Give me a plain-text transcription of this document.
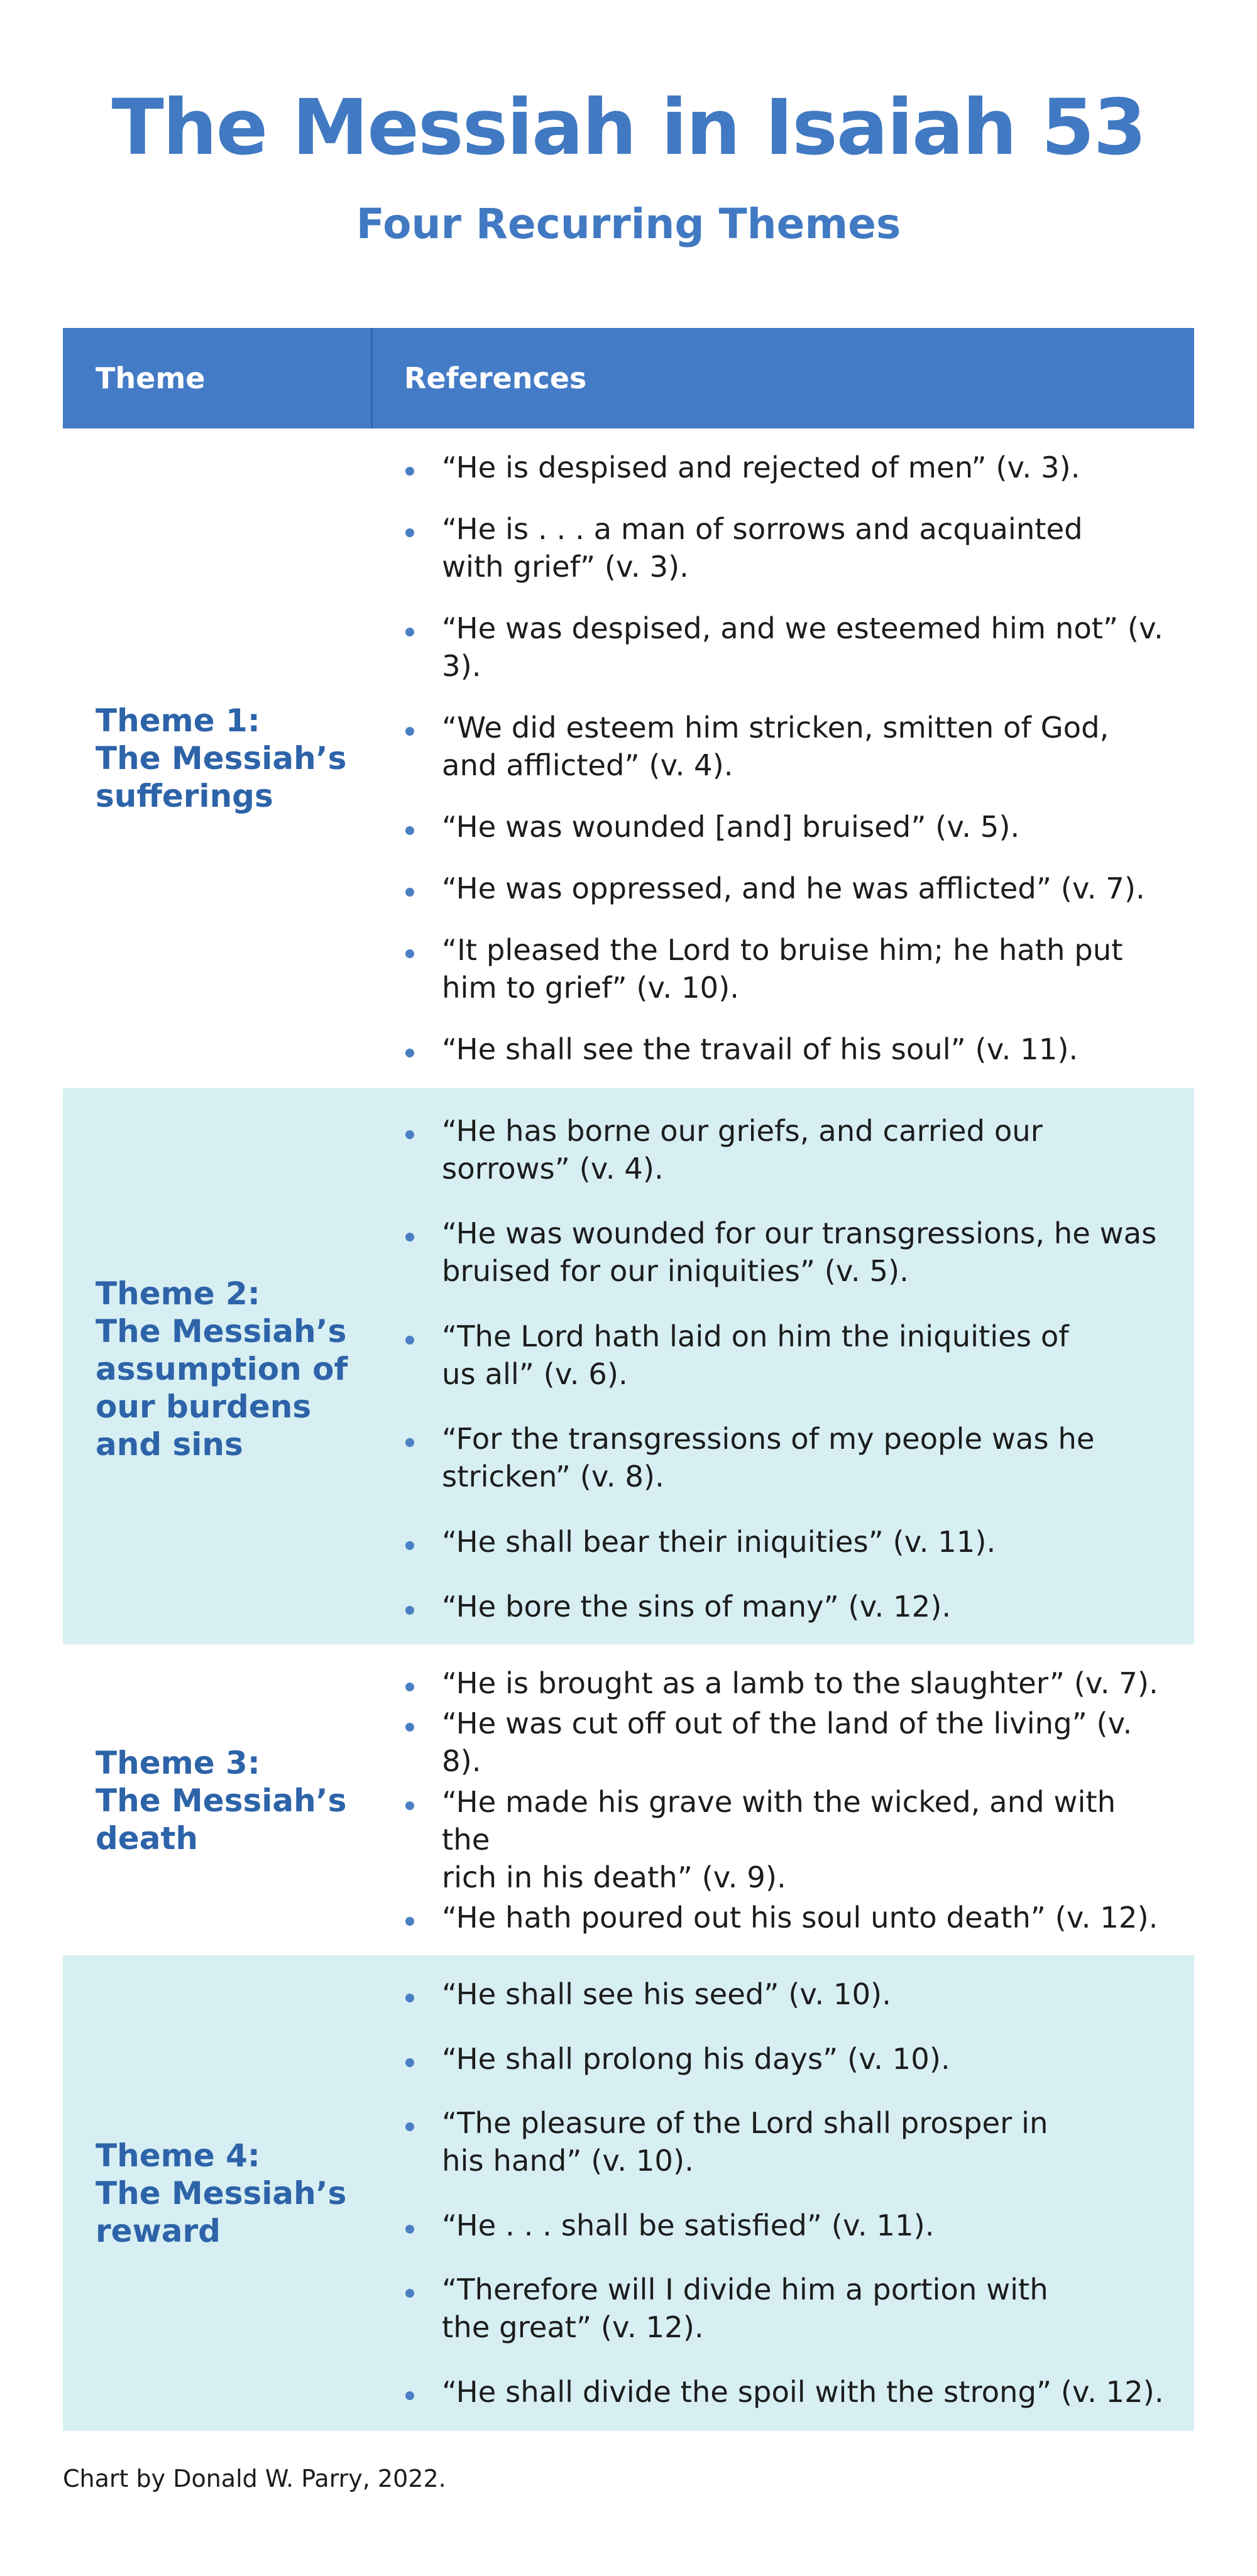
The Messiah in Isaiah 53
Four Recurring Themes
Theme	References
Theme 1:
The Messiah’s
sufferings
“He is despised and rejected of men” (v. 3).
“He is . . . a man of sorrows and acquainted
with grief” (v. 3).
“He was despised, and we esteemed him not” (v. 3).
“We did esteem him stricken, smitten of God,
and afflicted” (v. 4).
“He was wounded [and] bruised” (v. 5).
“He was oppressed, and he was afflicted” (v. 7).
“It pleased the Lord to bruise him; he hath put
him to grief” (v. 10).
“He shall see the travail of his soul” (v. 11).
Theme 2:
The Messiah’s
assumption of
our burdens
and sins
“He has borne our griefs, and carried our
sorrows” (v. 4).
“He was wounded for our transgressions, he was
bruised for our iniquities” (v. 5).
“The Lord hath laid on him the iniquities of
us all” (v. 6).
“For the transgressions of my people was he
stricken” (v. 8).
“He shall bear their iniquities” (v. 11).
“He bore the sins of many” (v. 12).
Theme 3:
The Messiah’s
death
“He is brought as a lamb to the slaughter” (v. 7).
“He was cut off out of the land of the living” (v. 8).
“He made his grave with the wicked, and with the
rich in his death” (v. 9).
“He hath poured out his soul unto death” (v. 12).
Theme 4:
The Messiah’s
reward
“He shall see his seed” (v. 10).
“He shall prolong his days” (v. 10).
“The pleasure of the Lord shall prosper in
his hand” (v. 10).
“He . . . shall be satisfied” (v. 11).
“Therefore will I divide him a portion with
the great” (v. 12).
“He shall divide the spoil with the strong” (v. 12).
Chart by Donald W. Parry, 2022.
